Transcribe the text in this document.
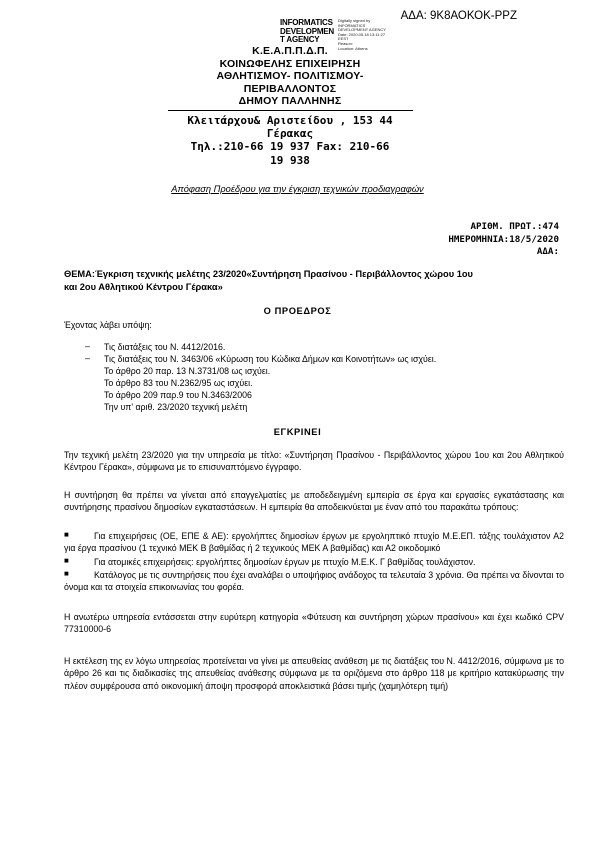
ΑΔΑ: 9Κ8ΑΟΚΟΚ-ΡΡΖ
INFORMATICS
DEVELOPMEN
T AGENCY
Digitally signed by
INFORMATICS
DEVELOPMENT AGENCY
Date: 2020.05.18 13:11:27
EEST
Reason:
Location: Athens
Κ.Ε.Α.Π.Π.Δ.Π.
ΚΟΙΝΩΦΕΛΗΣ ΕΠΙΧΕΙΡΗΣΗ
ΑΘΛΗΤΙΣΜΟΥ- ΠΟΛΙΤΙΣΜΟΥ-
ΠΕΡΙΒΑΛΛΟΝΤΟΣ
ΔΗΜΟΥ ΠΑΛΛΗΝΗΣ
Κλειτάρχου& Αριστείδου , 153 44
Γέρακας
Τηλ.:210-66 19 937 Fax: 210-66
19 938
Απόφαση Προέδρου για την έγκριση τεχνικών προδιαγραφών
ΑΡΙΘΜ. ΠΡΩΤ.:474
ΗΜΕΡΟΜΗΝΙΑ:18/5/2020
ΑΔΑ:
ΘΕΜΑ:Έγκριση τεχνικής μελέτης 23/2020«Συντήρηση Πρασίνου - Περιβάλλοντος χώρου 1ου
και 2ου Αθλητικού Κέντρου Γέρακα»
Ο ΠΡΟΕΔΡΟΣ
Έχοντας λάβει υπόψη:
– Τις διατάξεις του Ν. 4412/2016.
– Τις διατάξεις του Ν. 3463/06 «Κύρωση του Κώδικα Δήμων και Κοινοτήτων» ως ισχύει.
Το άρθρο 20 παρ. 13 Ν.3731/08 ως ισχύει.
Το άρθρο 83 του Ν.2362/95 ως ισχύει.
Το άρθρο 209 παρ.9 του Ν.3463/2006
Την υπ' αριθ. 23/2020 τεχνική μελέτη
ΕΓΚΡΙΝΕΙ
Την τεχνική μελέτη 23/2020 για την υπηρεσία με τίτλο: «Συντήρηση Πρασίνου - Περιβάλλοντος χώρου 1ου και 2ου Αθλητικού Κέντρου Γέρακα», σύμφωνα με το επισυναπτόμενο έγγραφο.
Η συντήρηση θα πρέπει να γίνεται από επαγγελματίες με αποδεδειγμένη εμπειρία σε έργα και εργασίες εγκατάστασης και συντήρησης πρασίνου δημοσίων εγκαταστάσεων. Η εμπειρία θα αποδεικνύεται με έναν από του παρακάτω τρόπους:
■	Για επιχειρήσεις (ΟΕ, ΕΠΕ & ΑΕ): εργολήπτες δημοσίων έργων με εργοληπτικό πτυχίο Μ.Ε.ΕΠ. τάξης τουλάχιστον Α2 για έργα πρασίνου (1 τεχνικό ΜΕΚ Β βαθμίδας ή 2 τεχνικούς ΜΕΚ Α βαθμίδας) και Α2 οικοδομικό
■	Για ατομικές επιχειρήσεις: εργολήπτες δημοσίων έργων με πτυχίο Μ.Ε.Κ. Γ βαθμίδας τουλάχιστον.
■	Κατάλογος με τις συντηρήσεις που έχει αναλάβει ο υποψήφιος ανάδοχος τα τελευταία 3 χρόνια. Θα πρέπει να δίνονται το όνομα και τα στοιχεία επικοινωνίας του φορέα.
Η ανωτέρω υπηρεσία εντάσσεται στην ευρύτερη κατηγορία «Φύτευση και συντήρηση χώρων πρασίνου» και έχει κωδικό CPV 77310000-6
Η εκτέλεση της εν λόγω υπηρεσίας προτείνεται να γίνει με απευθείας ανάθεση με τις διατάξεις του Ν. 4412/2016, σύμφωνα με το άρθρο 26 και τις διαδικασίες της απευθείας ανάθεσης σύμφωνα με τα οριζόμενα στο άρθρο 118 με κριτήριο κατακύρωσης την πλέον συμφέρουσα από οικονομική άποψη προσφορά αποκλειστικά βάσει τιμής (χαμηλότερη τιμή)
